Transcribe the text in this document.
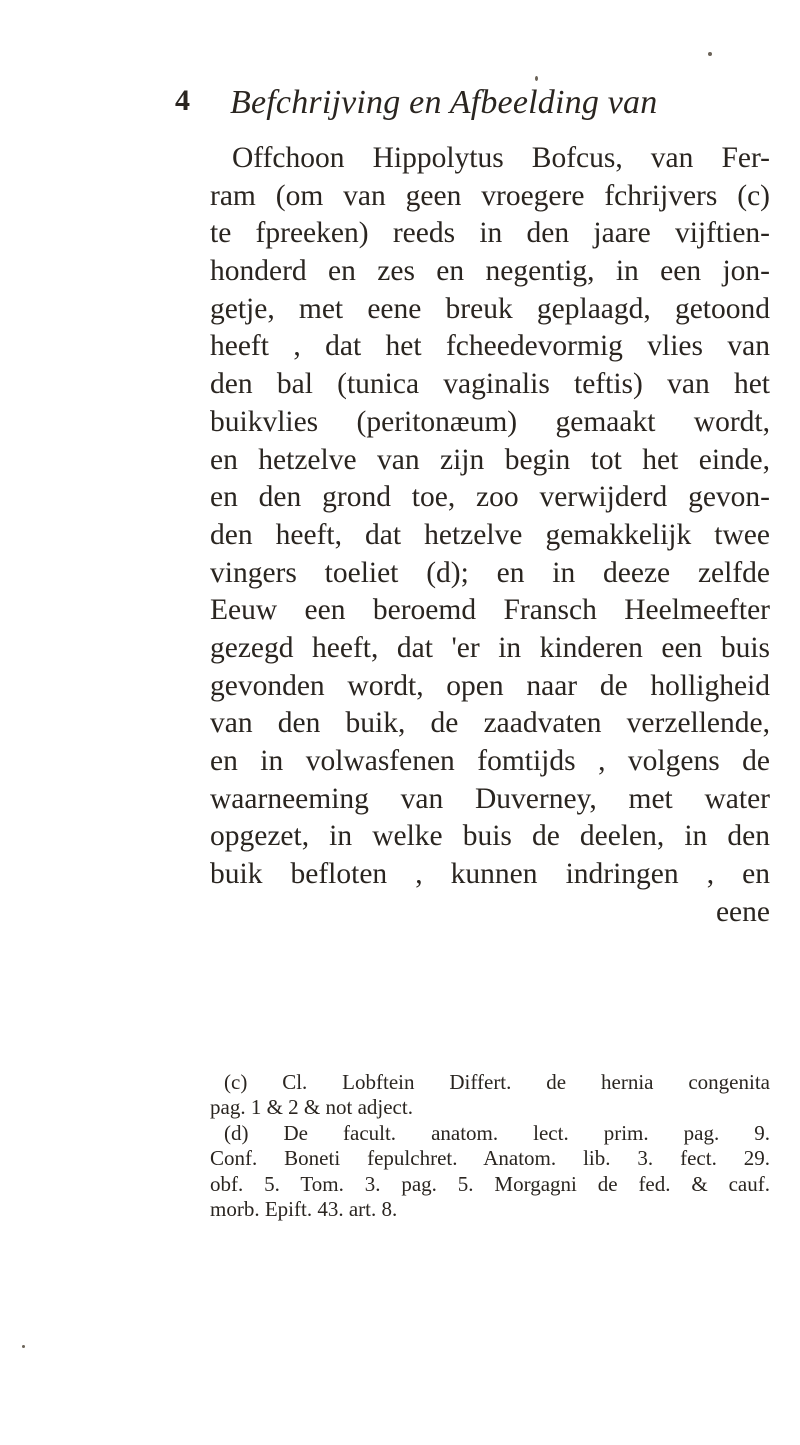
4 Befchrijving en Afbeelding van
Offchoon Hippolytus Bofcus, van Fer-
ram (om van geen vroegere fchrijvers (c)
te fpreeken) reeds in den jaare vijftien-
honderd en zes en negentig, in een jon-
getje, met eene breuk geplaagd, getoond
heeft , dat het fcheedevormig vlies van
den bal (tunica vaginalis teftis) van het
buikvlies (peritonæum) gemaakt wordt,
en hetzelve van zijn begin tot het einde,
en den grond toe, zoo verwijderd gevon-
den heeft, dat hetzelve gemakkelijk twee
vingers toeliet (d); en in deeze zelfde
Eeuw een beroemd Fransch Heelmeefter
gezegd heeft, dat 'er in kinderen een buis
gevonden wordt, open naar de holligheid
van den buik, de zaadvaten verzellende,
en in volwasfenen fomtijds , volgens de
waarneeming van Duverney, met water
opgezet, in welke buis de deelen, in den
buik befloten , kunnen indringen , en
eene
(c) Cl. Lobftein Differt. de hernia congenita
pag. 1 & 2 & not adject.
(d) De facult. anatom. lect. prim. pag. 9.
Conf. Boneti fepulchret. Anatom. lib. 3. fect. 29.
obf. 5. Tom. 3. pag. 5. Morgagni de fed. & cauf.
morb. Epift. 43. art. 8.
